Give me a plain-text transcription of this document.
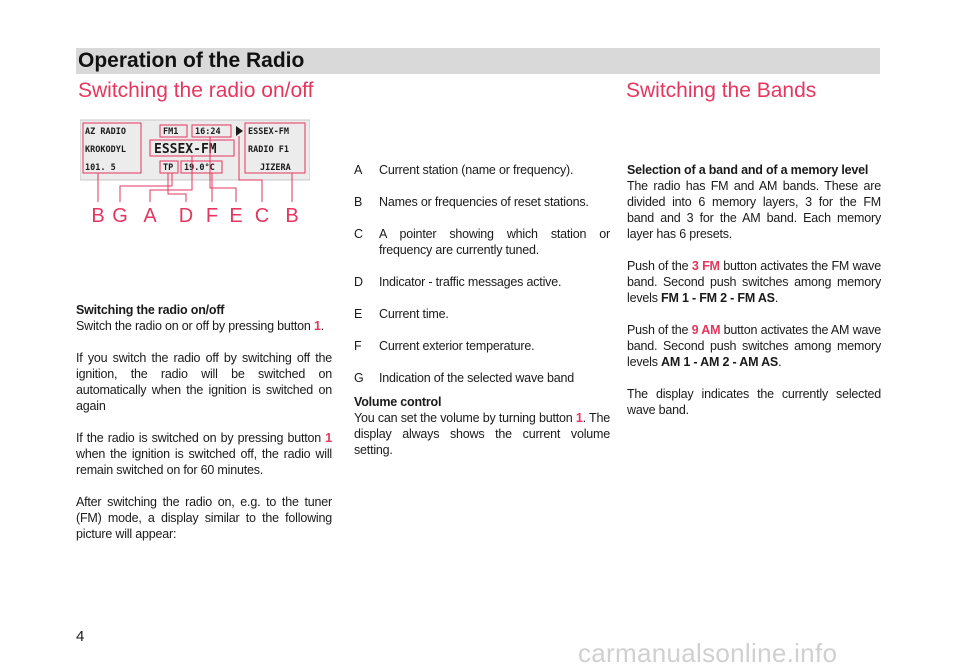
Operation of the Radio
Switching the radio on/off	Switching the Bands
AZ RADIO	FM1 16:24	ESSEX-FM
KROKODYL ESSEX-FM	RADIO F1
101. 5	TP 19.0°C	JIZERA
B G A D F E C B

Switching the radio on/off
Switch the radio on or off by pressing button 1.

If you switch the radio off by switching off the ignition, the radio will be switched on automatically when the ignition is switched on again

If the radio is switched on by pressing button 1 when the ignition is switched off, the radio will remain switched on for 60 minutes.

After switching the radio on, e.g. to the tuner (FM) mode, a display similar to the following picture will appear:

A	Current station (name or frequency).
B	Names or frequencies of reset stations.
C	A pointer showing which station or frequency are currently tuned.
D	Indicator - traffic messages active.
E	Current time.
F	Current exterior temperature.
G	Indication of the selected wave band

Volume control
You can set the volume by turning button 1. The display always shows the current volume setting.

Selection of a band and of a memory level
The radio has FM and AM bands. These are divided into 6 memory layers, 3 for the FM band and 3 for the AM band. Each memory layer has 6 presets.

Push of the 3 FM button activates the FM wave band. Second push switches among memory levels FM 1 - FM 2 - FM AS.

Push of the 9 AM button activates the AM wave band. Second push switches among memory levels AM 1 - AM 2 - AM AS.

The display indicates the currently selected wave band.

4
carmanualsonline.info
